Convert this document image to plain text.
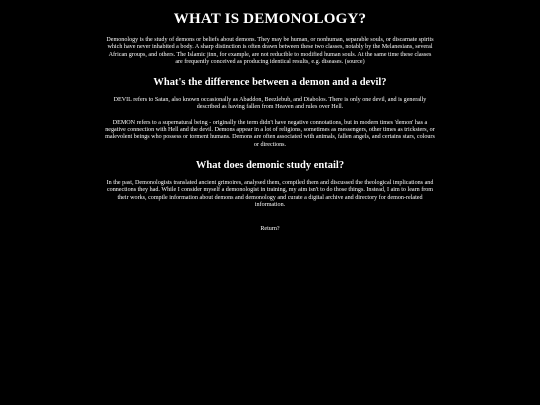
WHAT IS DEMONOLOGY?

Demonology is the study of demons or beliefs about demons. They may be human, or nonhuman, separable souls, or discarnate spirits which have never inhabited a body. A sharp distinction is often drawn between these two classes, notably by the Melanesians, several African groups, and others. The Islamic jinn, for example, are not reducible to modified human souls. At the same time these classes are frequently conceived as producing identical results, e.g. diseases. (source)

What's the difference between a demon and a devil?

DEVIL refers to Satan, also known occasionally as Abaddon, Beezlebub, and Diabolos. There is only one devil, and is generally described as having fallen from Heaven and rules over Hell.

DEMON refers to a supernatural being - originally the term didn't have negative connotations, but in modern times 'demon' has a negative connection with Hell and the devil. Demons appear in a lot of religions, sometimes as messengers, other times as tricksters, or malevolent beings who possess or torment humans. Demons are often associated with animals, fallen angels, and certains stars, colours or directions.

What does demonic study entail?

In the past, Demonologists translated ancient grimoires, analysed them, compiled them and discussed the theological implications and connections they had. While I consider myself a demonologist in training, my aim isn't to do those things. Instead, I aim to learn from their works, compile information about demons and demonology and curate a digital archive and directory for demon-related information.

Return?
